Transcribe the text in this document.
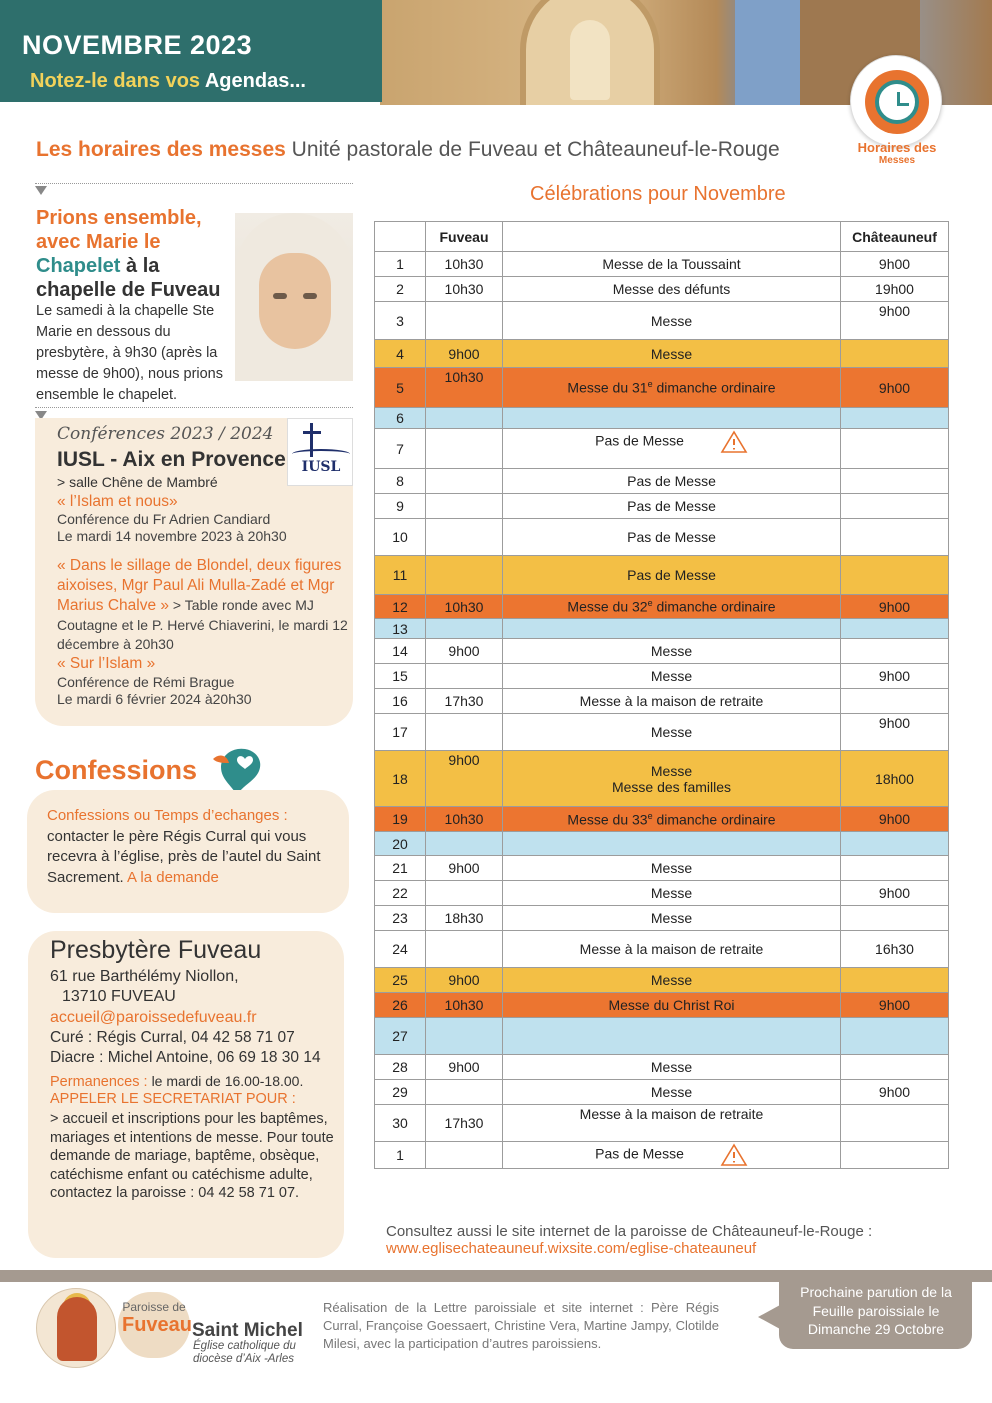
NOVEMBRE 2023
Notez-le dans vos Agendas...
Horaires des
Messes
Les horaires des messes Unité pastorale de Fuveau et Châteauneuf-le-Rouge
Prions ensemble,
avec Marie le
Chapelet à la
chapelle de Fuveau
Le samedi à la chapelle Ste Marie en dessous du presbytère, à 9h30 (après la messe de 9h00), nous prions ensemble le chapelet.
Conférences 2023 / 2024
IUSL - Aix en Provence
> salle Chêne de Mambré
IUSL
« l’Islam et nous»
Conférence du Fr Adrien Candiard
Le mardi 14 novembre 2023 à 20h30
« Dans le sillage de Blondel, deux figures aixoises, Mgr Paul Ali Mulla-Zadé et Mgr Marius Chalve » > Table ronde avec MJ Coutagne et le P. Hervé Chiaverini, le mardi 12 décembre à 20h30
« Sur l’Islam »
Conférence de Rémi Brague
Le mardi 6 février 2024 à20h30
Confessions
Confessions ou Temps d’echanges : contacter le père Régis Curral qui vous recevra à l’église, près de l’autel du Saint Sacrement. A la demande
Presbytère Fuveau
61 rue Barthélémy Niollon,
13710 FUVEAU
accueil@paroissedefuveau.fr
Curé : Régis Curral, 04 42 58 71 07
Diacre : Michel Antoine, 06 69 18 30 14
Permanences : le mardi de 16.00-18.00.
APPELER LE SECRETARIAT POUR :
> accueil et inscriptions pour les baptêmes, mariages et intentions de messe. Pour toute demande de mariage, baptême, obsèque, catéchisme enfant ou catéchisme adulte, contactez la paroisse : 04 42 58 71 07.
Célébrations pour Novembre
	Fuveau		Châteauneuf
1	10h30	Messe de la Toussaint	9h00
2	10h30	Messe des défunts	19h00
3		Messe	9h00
4	9h00	Messe	
5	10h30	Messe du 31e dimanche ordinaire	9h00
6			
7		Pas de Messe	
8		Pas de Messe	
9		Pas de Messe	
10		Pas de Messe	
11		Pas de Messe	
12	10h30	Messe du 32e dimanche ordinaire	9h00
13			
14	9h00	Messe	
15		Messe	9h00
16	17h30	Messe à la maison de retraite	
17		Messe	9h00
18	9h00	Messe
Messe des familles	18h00
19	10h30	Messe du 33e dimanche ordinaire	9h00
20			
21	9h00	Messe	
22		Messe	9h00
23	18h30	Messe	
24		Messe à la maison de retraite	16h30
25	9h00	Messe	
26	10h30	Messe du Christ Roi	9h00
27			
28	9h00	Messe	
29		Messe	9h00
30	17h30	Messe à la maison de retraite	
1		Pas de Messe	
Consultez aussi le site internet de la paroisse de Châteauneuf-le-Rouge :
www.eglisechateauneuf.wixsite.com/eglise-chateauneuf
Paroisse de
Fuveau Saint Michel
Église catholique du
diocèse d’Aix -Arles
Réalisation de la Lettre paroissiale et site internet : Père Régis Curral, Françoise Goessaert, Christine Vera, Martine Jampy, Clotilde Milesi, avec la participation d’autres paroissiens.
Prochaine parution de la Feuille paroissiale le Dimanche 29 Octobre
